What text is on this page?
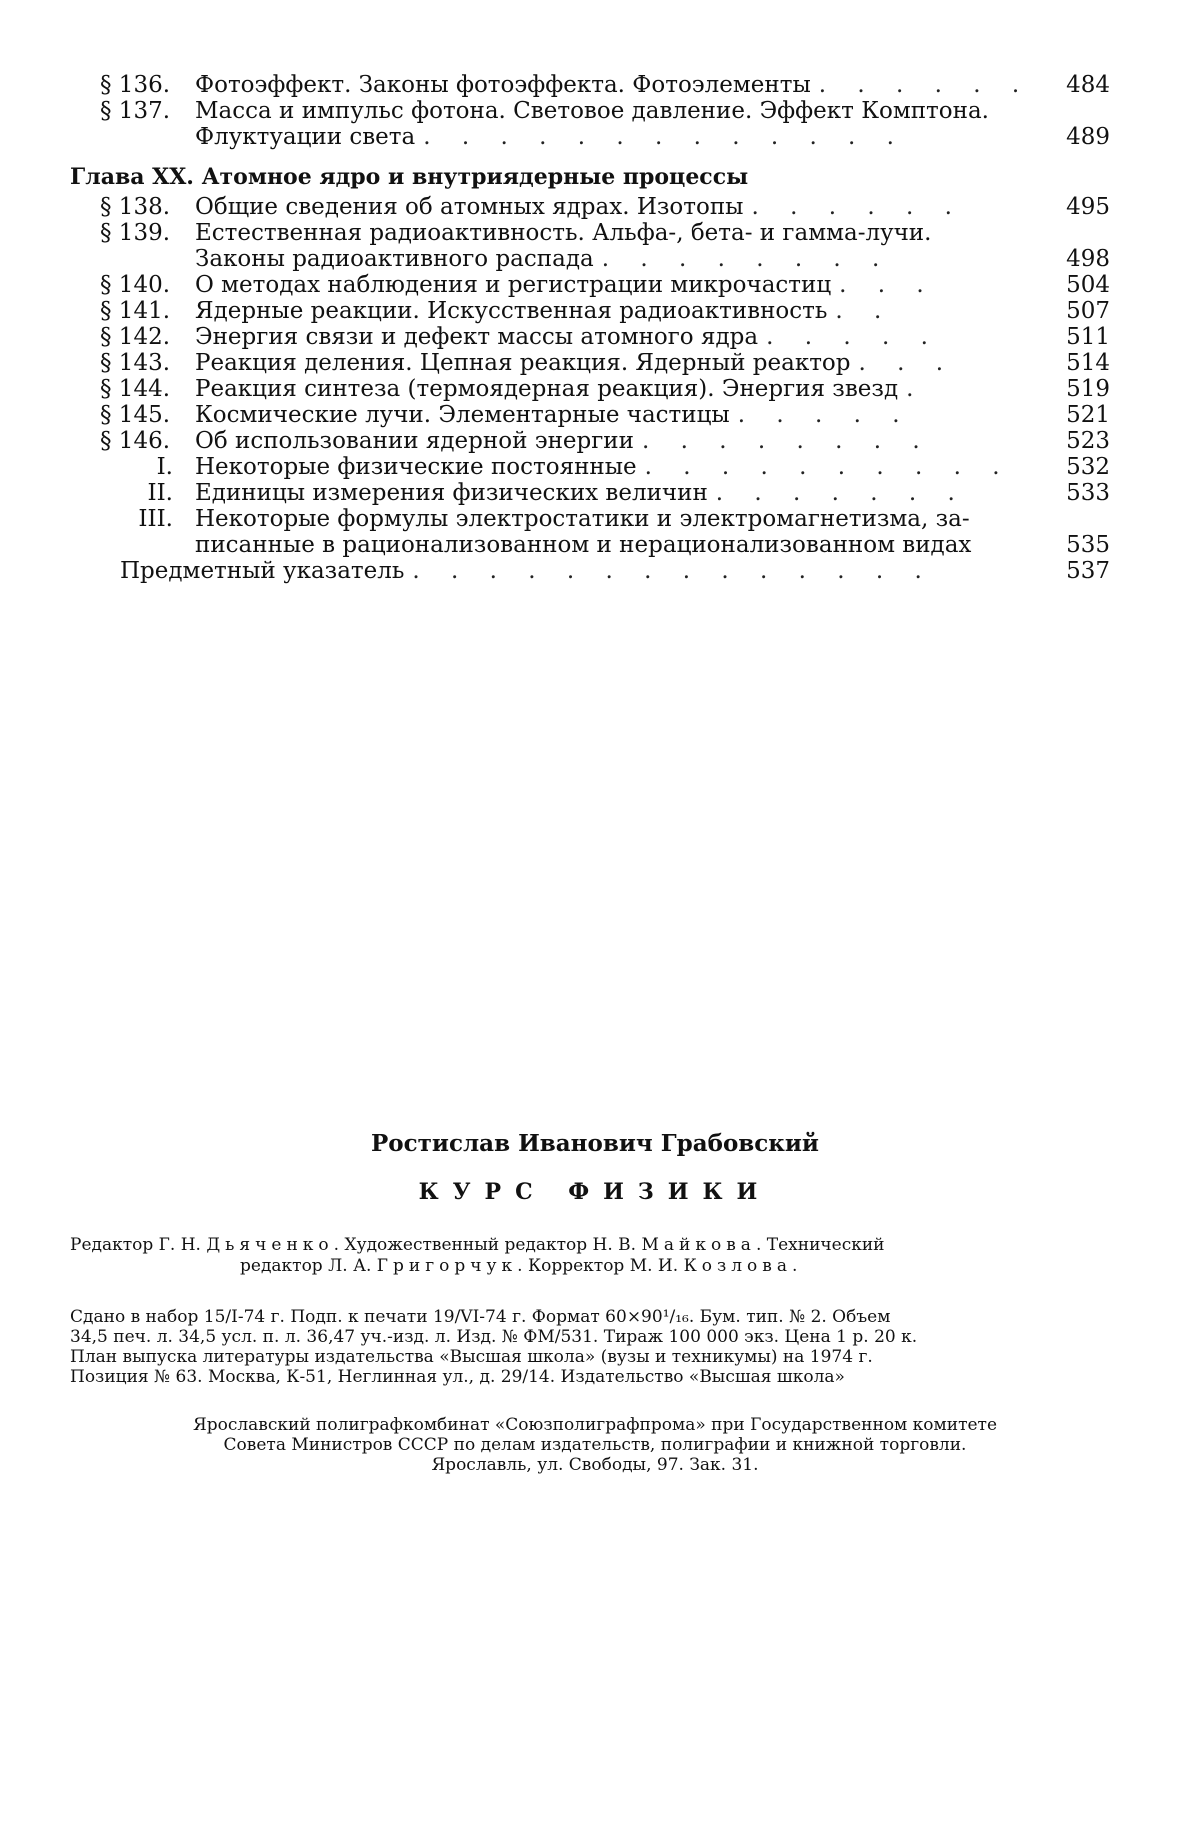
§ 136.	Фотоэффект. Законы фотоэффекта. Фотоэлементы . . . . . .	484
§ 137.	Масса и импульс фотона. Световое давление. Эффект Комптона.
Флуктуации света . . . . . . . . . . . . .	489
Глава XX. Атомное ядро и внутриядерные процессы
§ 138.	Общие сведения об атомных ядрах. Изотопы . . . . . .	495
§ 139.	Естественная радиоактивность. Альфа-, бета- и гамма-лучи.
Законы радиоактивного распада . . . . . . . .	498
§ 140.	О методах наблюдения и регистрации микрочастиц . . .	504
§ 141.	Ядерные реакции. Искусственная радиоактивность . .	507
§ 142.	Энергия связи и дефект массы атомного ядра . . . . .	511
§ 143.	Реакция деления. Цепная реакция. Ядерный реактор . . .	514
§ 144.	Реакция синтеза (термоядерная реакция). Энергия звезд .	519
§ 145.	Космические лучи. Элементарные частицы . . . . .	521
§ 146.	Об использовании ядерной энергии . . . . . . . .	523
I. Некоторые физические постоянные . . . . . . . . . .	532
II. Единицы измерения физических величин . . . . . . .	533
III. Некоторые формулы электростатики и электромагнетизма, за-
писанные в рационализованном и нерационализованном видах	535
Предметный указатель . . . . . . . . . . . . . .	537

Ростислав Иванович Грабовский

КУРС ФИЗИКИ

Редактор Г. Н. Дьяченко. Художественный редактор Н. В. Майкова. Технический
редактор Л. А. Григорчук. Корректор М. И. Козлова.

Сдано в набор 15/I-74 г. Подп. к печати 19/VI-74 г. Формат 60×90¹/₁₆. Бум. тип. № 2. Объем
34,5 печ. л. 34,5 усл. п. л. 36,47 уч.-изд. л. Изд. № ФМ/531. Тираж 100 000 экз. Цена 1 р. 20 к.
План выпуска литературы издательства «Высшая школа» (вузы и техникумы) на 1974 г.
Позиция № 63. Москва, К-51, Неглинная ул., д. 29/14. Издательство «Высшая школа»

Ярославский полиграфкомбинат «Союзполиграфпрома» при Государственном комитете
Совета Министров СССР по делам издательств, полиграфии и книжной торговли.
Ярославль, ул. Свободы, 97. Зак. 31.
